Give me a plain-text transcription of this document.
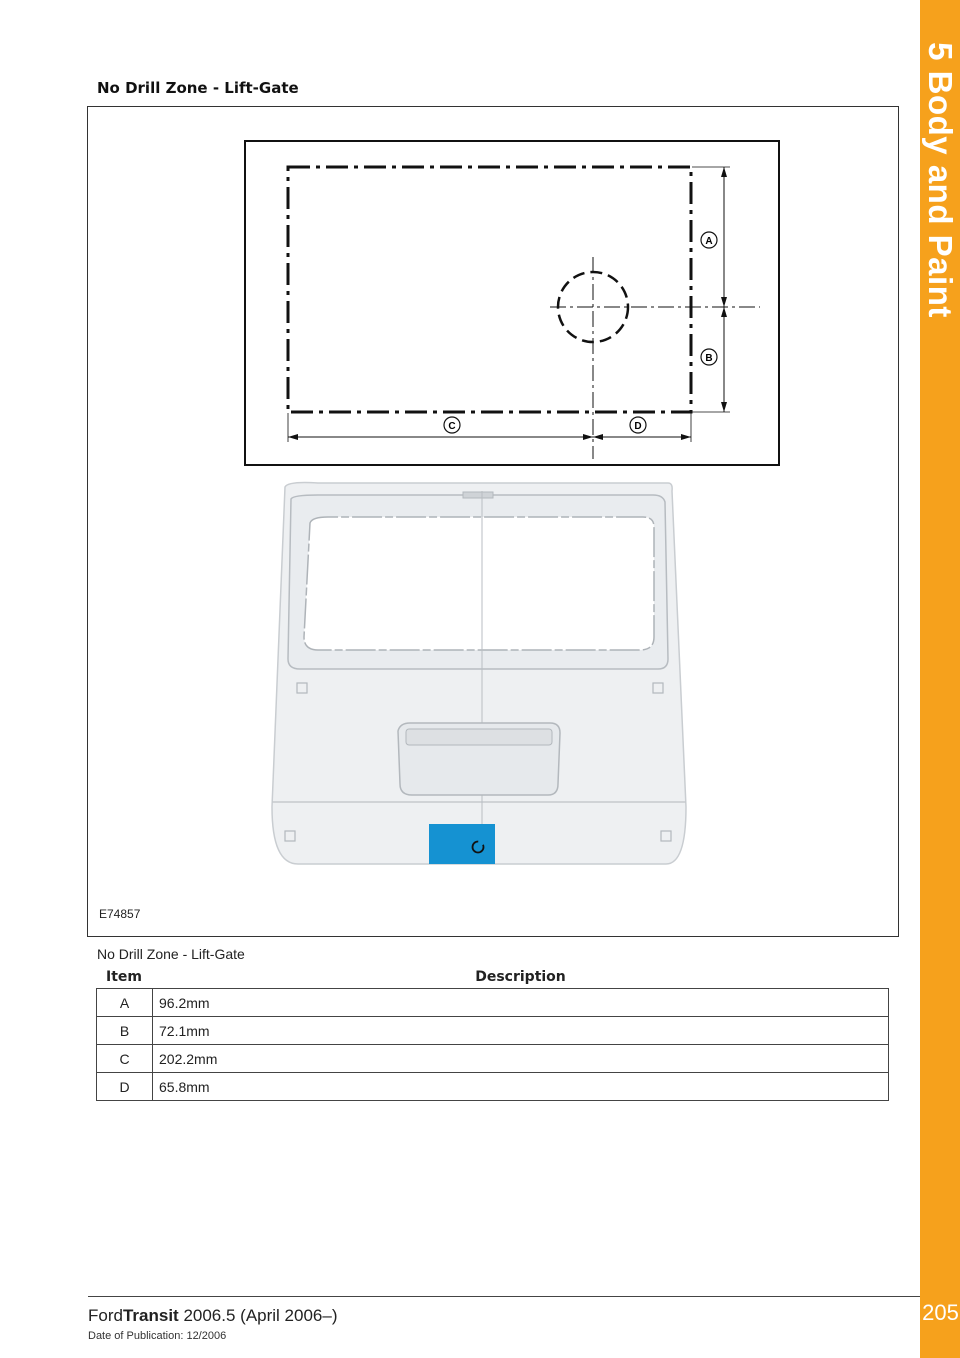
5 Body and Paint
205
No Drill Zone - Lift-Gate
A
B
C	D
E74857
No Drill Zone - Lift-Gate
Item	Description
A	96.2mm
B	72.1mm
C	202.2mm
D	65.8mm
FordTransit 2006.5 (April 2006–)
Date of Publication: 12/2006
